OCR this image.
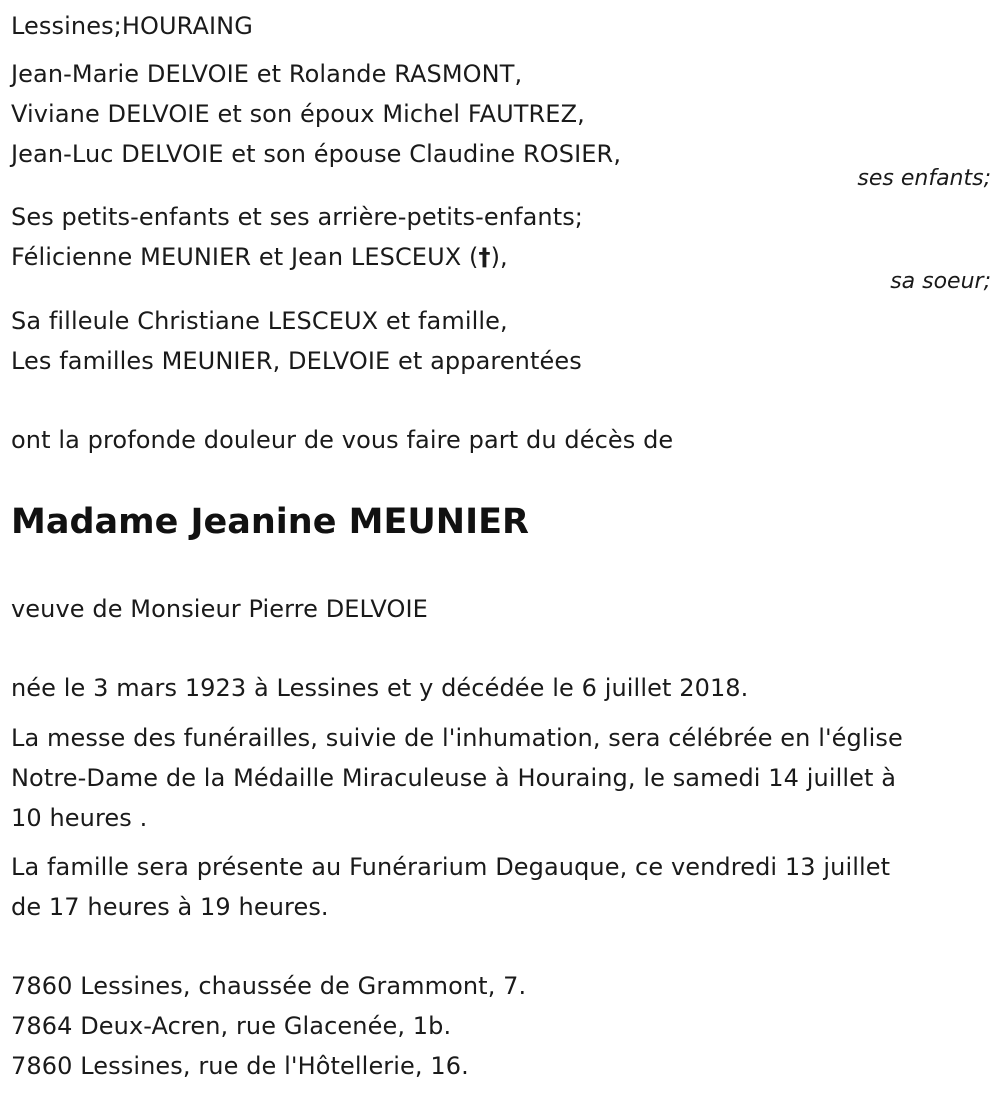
Lessines;HOURAING
Jean-Marie DELVOIE et Rolande RASMONT,
Viviane DELVOIE et son époux Michel FAUTREZ,
Jean-Luc DELVOIE et son épouse Claudine ROSIER,
ses enfants;
Ses petits-enfants et ses arrière-petits-enfants;
Félicienne MEUNIER et Jean LESCEUX (†),
sa soeur;
Sa filleule Christiane LESCEUX et famille,
Les familles MEUNIER, DELVOIE et apparentées
ont la profonde douleur de vous faire part du décès de
Madame Jeanine MEUNIER
veuve de Monsieur Pierre DELVOIE
née le 3 mars 1923 à Lessines et y décédée le 6 juillet 2018.
La messe des funérailles, suivie de l'inhumation, sera célébrée en l'église
Notre-Dame de la Médaille Miraculeuse à Houraing, le samedi 14 juillet à
10 heures .
La famille sera présente au Funérarium Degauque, ce vendredi 13 juillet
de 17 heures à 19 heures.
7860 Lessines, chaussée de Grammont, 7.
7864 Deux-Acren, rue Glacenée, 1b.
7860 Lessines, rue de l'Hôtellerie, 16.
